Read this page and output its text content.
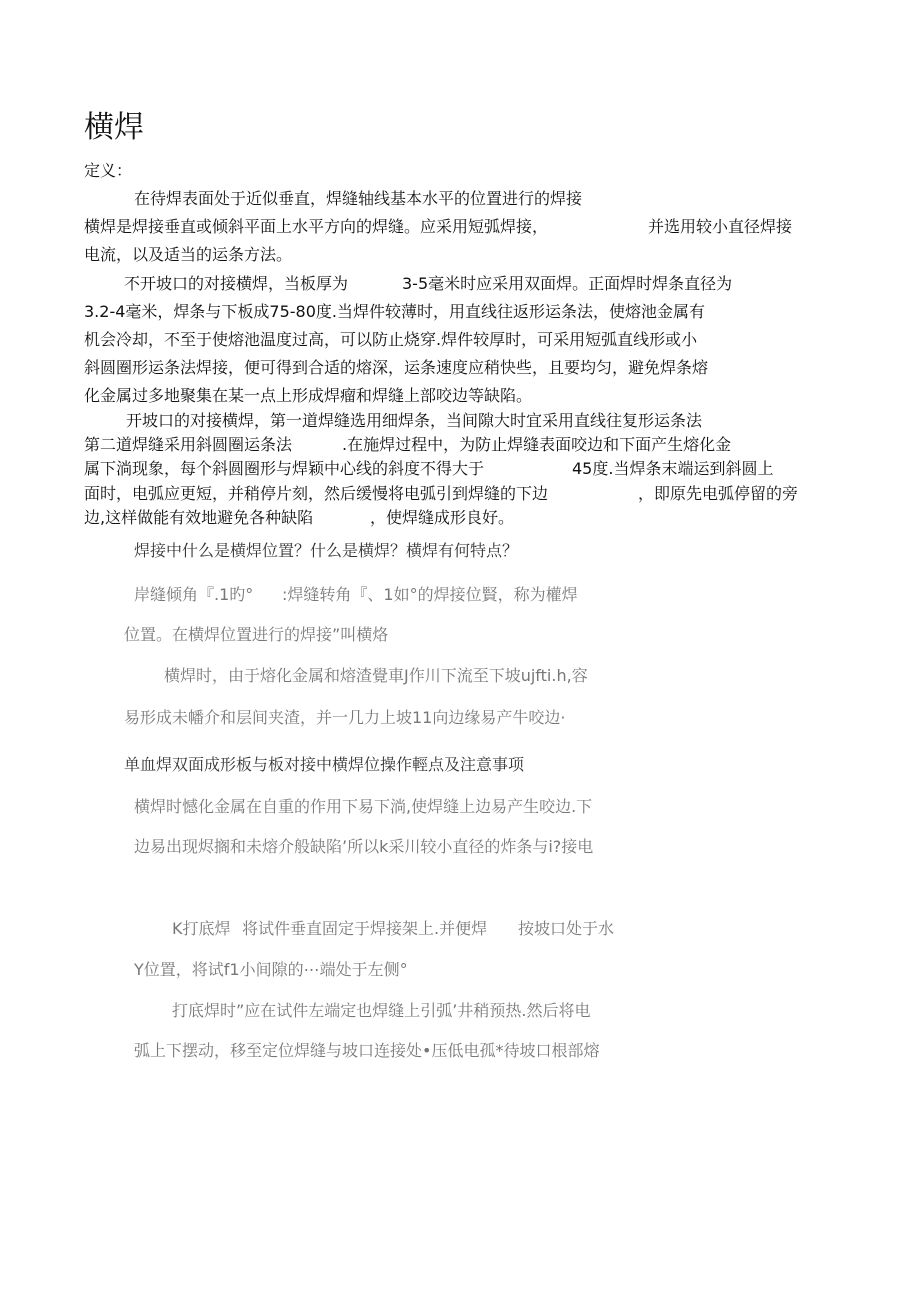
横焊
定义：
在待焊表面处于近似垂直，焊缝轴线基本水平的位置进行的焊接
横焊是焊接垂直或倾斜平面上水平方向的焊缝。应采用短弧焊接，	并选用较小直径焊接
电流，以及适当的运条方法。
不开坡口的对接横焊，当板厚为	3-5毫米时应采用双面焊。正面焊时焊条直径为
3.2-4毫米，焊条与下板成75-80度.当焊件较薄时，用直线往返形运条法，使熔池金属有
机会冷却，不至于使熔池温度过高，可以防止烧穿.焊件较厚时，可采用短弧直线形或小
斜圆圈形运条法焊接，便可得到合适的熔深，运条速度应稍快些，且要均匀，避免焊条熔
化金属过多地聚集在某一点上形成焊瘤和焊缝上部咬边等缺陷。
开坡口的对接横焊，第一道焊缝选用细焊条，当间隙大时宜采用直线往复形运条法
第二道焊缝采用斜圆圈运条法	.在施焊过程中，为防止焊缝表面咬边和下面产生熔化金
属下淌现象，每个斜圆圈形与焊颖中心线的斜度不得大于	45度.当焊条末端运到斜圆上
面时，电弧应更短，并稍停片刻，然后缓慢将电弧引到焊缝的下边	，即原先电弧停留的旁
边,这样做能有效地避免各种缺陷	，使焊缝成形良好。
焊接中什么是横焊位置？什么是横焊？横焊有何特点？
岸缝倾角『.1旳° :焊缝转角『、1如°的焊接位賢，称为權焊
位置。在横焊位置进行的焊接”叫横烙
横焊时，由于熔化金属和熔渣覺車J作川下流至下坡ujfti.h,容
易形成未幡介和层间夹渣，并一几力上坡11向边缘易产牛咬边·
单血焊双面成形板与板对接中横焊位操作輕点及注意事项
横焊时憾化金属在自重的作用下易下淌,使焊缝上边易产生咬边.下
边易出现烬搁和未熔介般缺陷’所以k采川较小直径的炸条与i?接电
K打底焊 将试件垂直固定于焊接架上.并便焊 按坡口处于水
Y位置，将试f1小间隙的⋯端处于左侧°
打底焊时”应在试件左端定也焊缝上引弧’井稍预热.然后将电
弧上下摆动，移至定位焊缝与坡口连接处•压低电孤*待坡口根部熔
